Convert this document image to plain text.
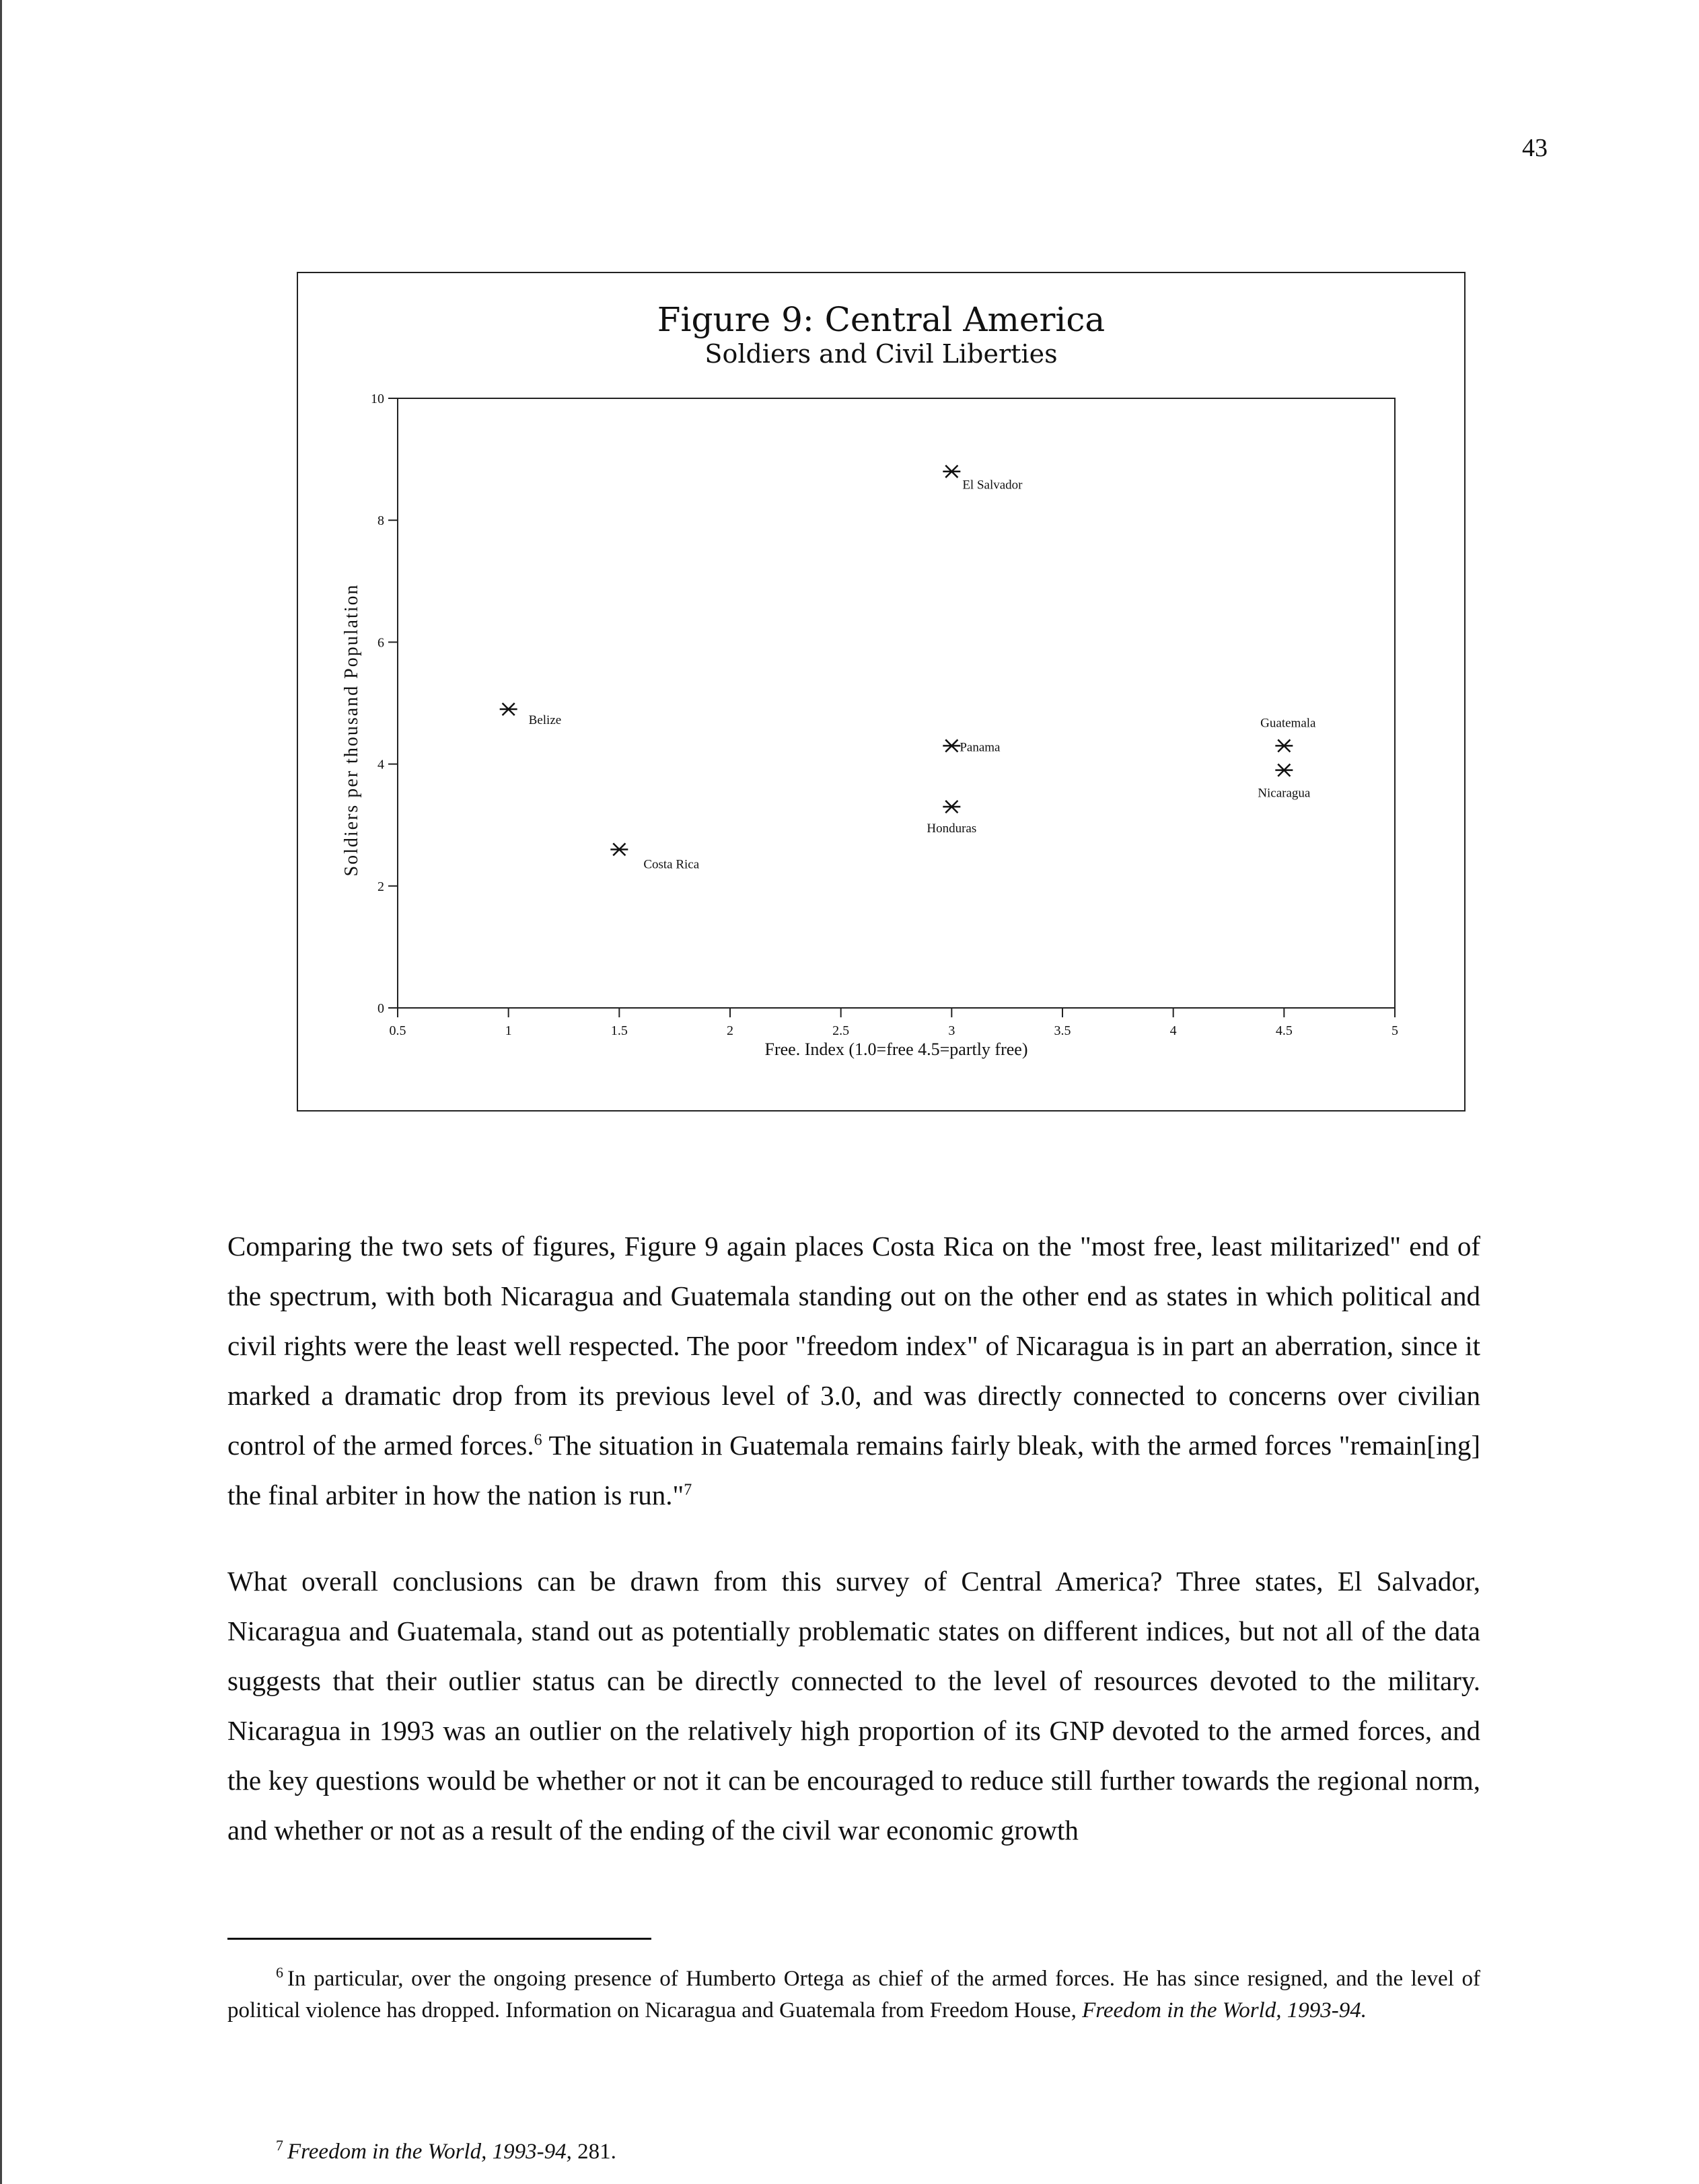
43
Figure 9: Central America
Soldiers and Civil Liberties
0.5	1	1.5	2	2.5	3	3.5	4	4.5	5
0
2
4
6
8
10
Free. Index (1.0=free 4.5=partly free)
Soldiers per thousand Population
El Salvador
Belize
Panama
Guatemala
Nicaragua
Honduras
Costa Rica

Comparing the two sets of figures, Figure 9 again places Costa Rica on the "most free, least militarized" end of the spectrum, with both Nicaragua and Guatemala standing out on the other end as states in which political and civil rights were the least well respected. The poor "freedom index" of Nicaragua is in part an aberration, since it marked a dramatic drop from its previous level of 3.0, and was directly connected to concerns over civilian control of the armed forces.$^6$ The situation in Guatemala remains fairly bleak, with the armed forces "remain[ing] the final arbiter in how the nation is run."$^7$

What overall conclusions can be drawn from this survey of Central America? Three states, El Salvador, Nicaragua and Guatemala, stand out as potentially problematic states on different indices, but not all of the data suggests that their outlier status can be directly connected to the level of resources devoted to the military. Nicaragua in 1993 was an outlier on the relatively high proportion of its GNP devoted to the armed forces, and the key questions would be whether or not it can be encouraged to reduce still further towards the regional norm, and whether or not as a result of the ending of the civil war economic growth

$^6$ In particular, over the ongoing presence of Humberto Ortega as chief of the armed forces. He has since resigned, and the level of political violence has dropped. Information on Nicaragua and Guatemala from Freedom House, Freedom in the World, 1993-94.
$^7$ Freedom in the World, 1993-94, 281.
